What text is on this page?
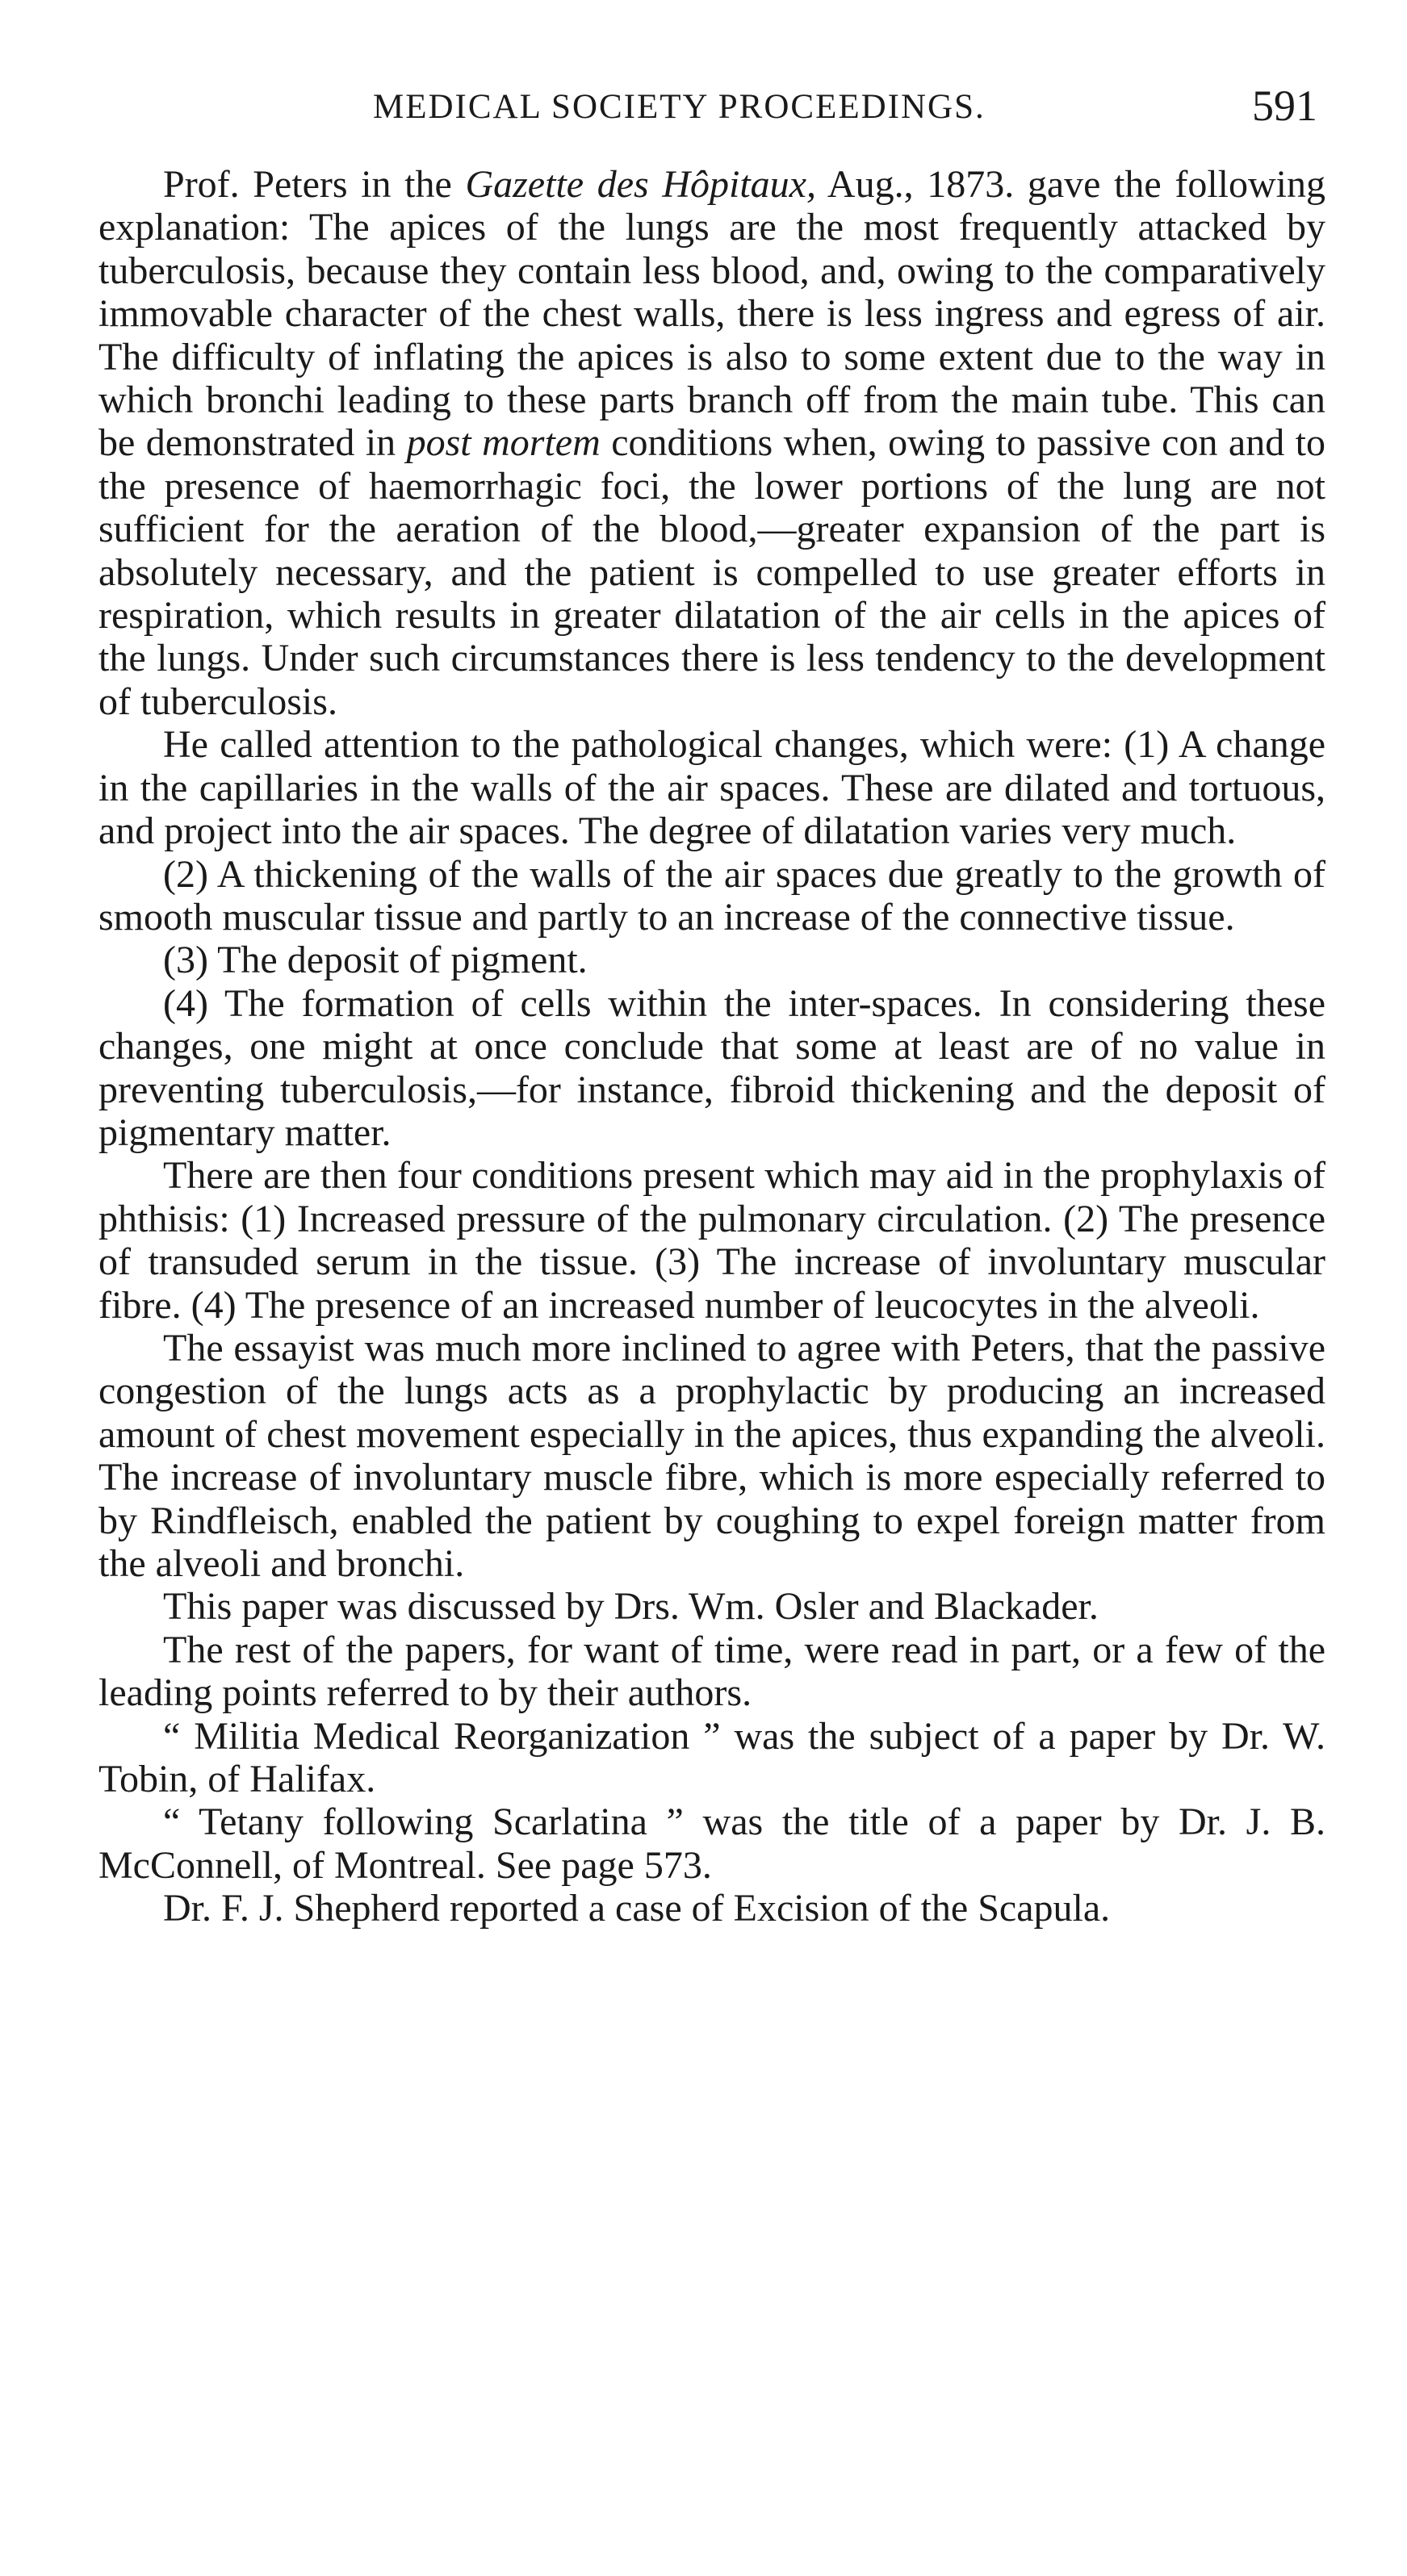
MEDICAL SOCIETY PROCEEDINGS.	591

Prof. Peters in the Gazette des Hôpitaux, Aug., 1873. gave the following explanation: The apices of the lungs are the most frequently attacked by tuberculosis, because they contain less blood, and, owing to the comparatively immovable character of the chest walls, there is less ingress and egress of air. The difficulty of inflating the apices is also to some extent due to the way in which bronchi leading to these parts branch off from the main tube. This can be demonstrated in post mortem conditions when, owing to passive con and to the presence of haemorrhagic foci, the lower portions of the lung are not sufficient for the aeration of the blood,—greater expansion of the part is absolutely necessary, and the patient is compelled to use greater efforts in respiration, which results in greater dilatation of the air cells in the apices of the lungs. Under such circumstances there is less tendency to the development of tuberculosis.

He called attention to the pathological changes, which were: (1) A change in the capillaries in the walls of the air spaces. These are dilated and tortuous, and project into the air spaces. The degree of dilatation varies very much.

(2) A thickening of the walls of the air spaces due greatly to the growth of smooth muscular tissue and partly to an increase of the connective tissue.

(3) The deposit of pigment.

(4) The formation of cells within the inter-spaces. In considering these changes, one might at once conclude that some at least are of no value in preventing tuberculosis,—for instance, fibroid thickening and the deposit of pigmentary matter.

There are then four conditions present which may aid in the prophylaxis of phthisis: (1) Increased pressure of the pulmonary circulation. (2) The presence of transuded serum in the tissue. (3) The increase of involuntary muscular fibre. (4) The presence of an increased number of leucocytes in the alveoli.

The essayist was much more inclined to agree with Peters, that the passive congestion of the lungs acts as a prophylactic by producing an increased amount of chest movement especially in the apices, thus expanding the alveoli. The increase of involuntary muscle fibre, which is more especially referred to by Rindfleisch, enabled the patient by coughing to expel foreign matter from the alveoli and bronchi.

This paper was discussed by Drs. Wm. Osler and Blackader.

The rest of the papers, for want of time, were read in part, or a few of the leading points referred to by their authors.

“ Militia Medical Reorganization ” was the subject of a paper by Dr. W. Tobin, of Halifax.

“ Tetany following Scarlatina ” was the title of a paper by Dr. J. B. McConnell, of Montreal. See page 573.

Dr. F. J. Shepherd reported a case of Excision of the Scapula.
